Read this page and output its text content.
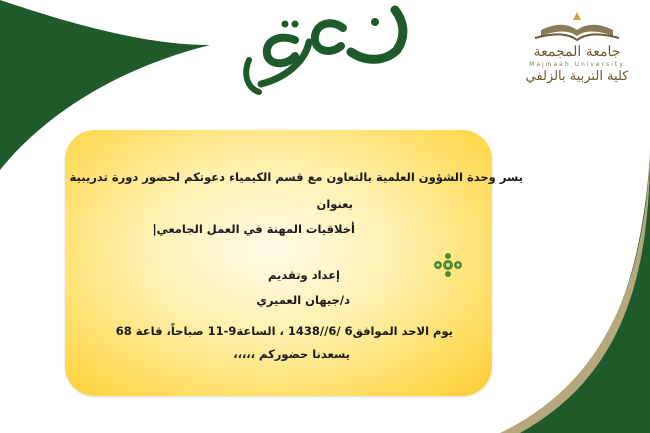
جامعة المجمعة
Majmaah University
كلية التربية بالزلفي
يسر وحدة الشؤون العلمية بالتعاون مع قسم الكيمياء دعوتكم لحضور دورة تدريبية
بعنوان
أخلاقيات المهنة في العمل الجامعي|
إعداد وتقديم
د/جيهان العميري
يوم الاحد الموافق6 /6//1438 ، الساعة9-11 صباحاً، قاعة 68
يسعدنا حضوركم ،،،،،
